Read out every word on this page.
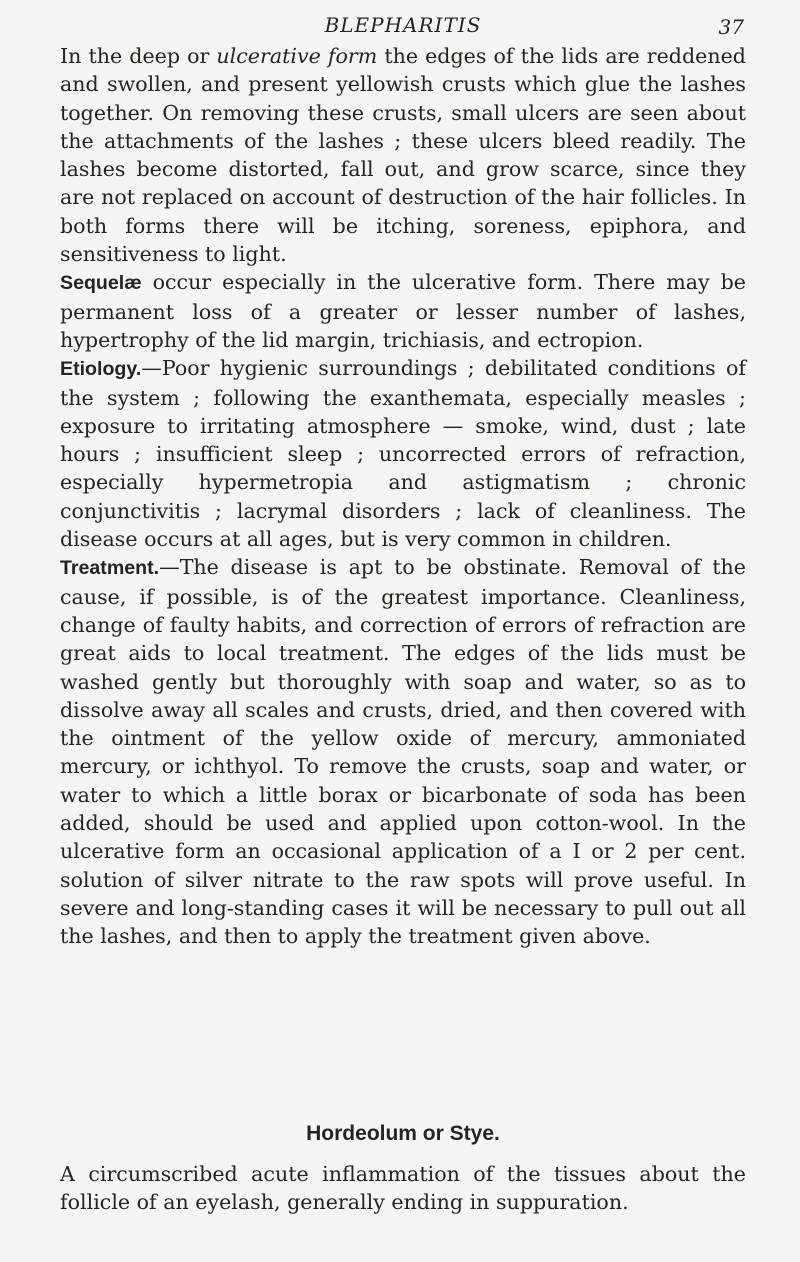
BLEPHARITIS	37

In the deep or ulcerative form the edges of the lids are reddened and swollen, and present yellowish crusts which glue the lashes together. On removing these crusts, small ulcers are seen about the attachments of the lashes ; these ulcers bleed readily. The lashes become distorted, fall out, and grow scarce, since they are not replaced on account of destruction of the hair follicles. In both forms there will be itching, soreness, epiphora, and sensitiveness to light.

Sequelæ occur especially in the ulcerative form. There may be permanent loss of a greater or lesser number of lashes, hypertrophy of the lid margin, trichiasis, and ectropion.

Etiology.—Poor hygienic surroundings ; debilitated conditions of the system ; following the exanthemata, especially measles ; exposure to irritating atmosphere — smoke, wind, dust ; late hours ; insufficient sleep ; uncorrected errors of refraction, especially hypermetropia and astigmatism ; chronic conjunctivitis ; lacrymal disorders ; lack of cleanliness. The disease occurs at all ages, but is very common in children.

Treatment.—The disease is apt to be obstinate. Removal of the cause, if possible, is of the greatest importance. Cleanliness, change of faulty habits, and correction of errors of refraction are great aids to local treatment. The edges of the lids must be washed gently but thoroughly with soap and water, so as to dissolve away all scales and crusts, dried, and then covered with the ointment of the yellow oxide of mercury, ammoniated mercury, or ichthyol. To remove the crusts, soap and water, or water to which a little borax or bicarbonate of soda has been added, should be used and applied upon cotton-wool. In the ulcerative form an occasional application of a I or 2 per cent. solution of silver nitrate to the raw spots will prove useful. In severe and long-standing cases it will be necessary to pull out all the lashes, and then to apply the treatment given above.

Hordeolum or Stye.

A circumscribed acute inflammation of the tissues about the follicle of an eyelash, generally ending in suppuration.
